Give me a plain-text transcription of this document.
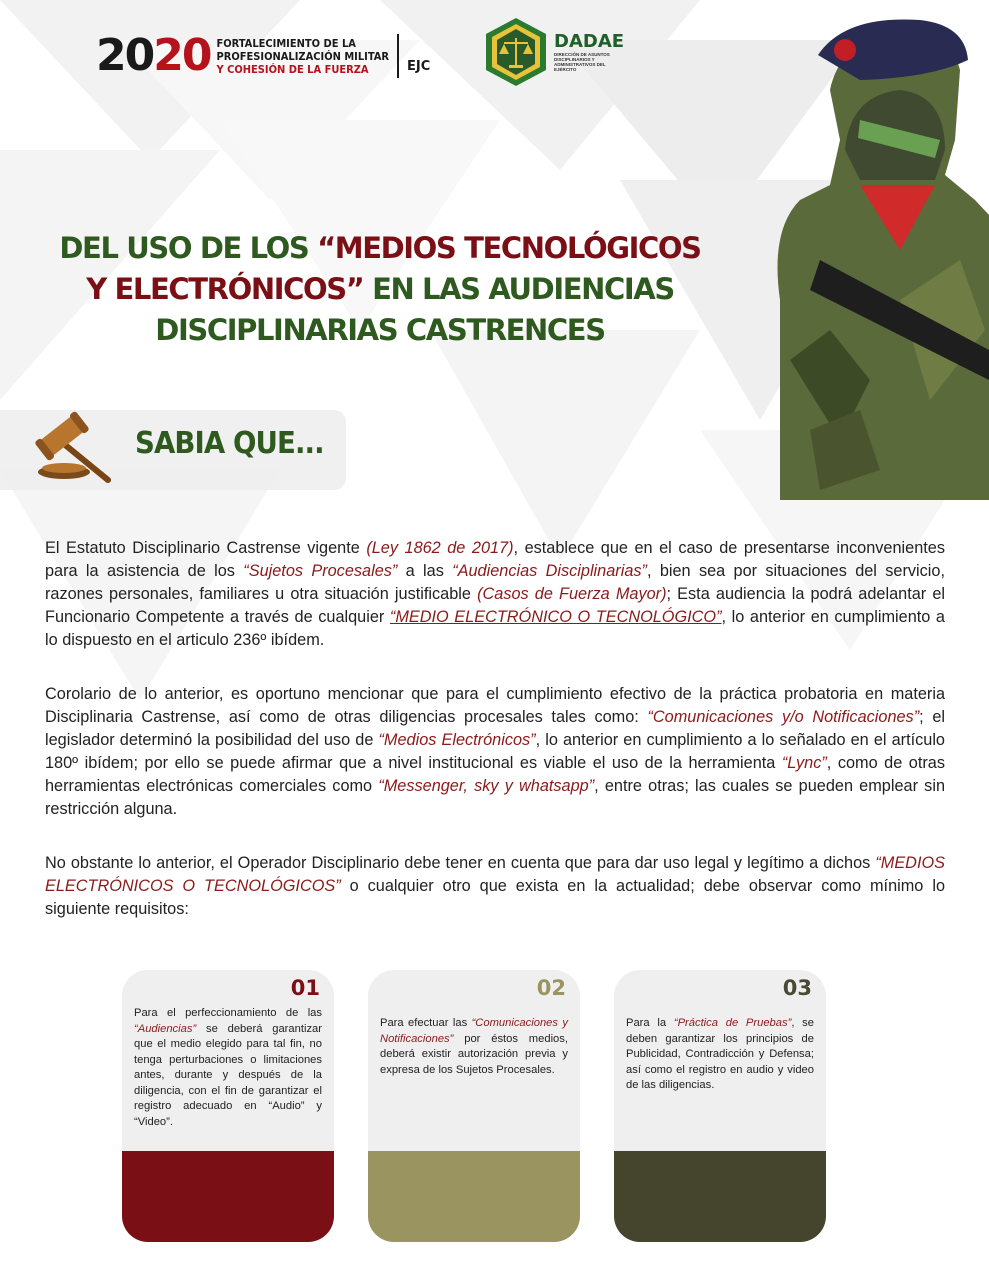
2020 FORTALECIMIENTO DE LA
PROFESIONALIZACIÓN MILITAR
Y COHESIÓN DE LA FUERZA	EJC
DADAE
DIRECCIÓN DE ASUNTOS DISCIPLINARIOS Y ADMINISTRATIVOS DEL EJÉRCITO
DEL USO DE LOS “MEDIOS TECNOLÓGICOS
Y ELECTRÓNICOS” EN LAS AUDIENCIAS
DISCIPLINARIAS CASTRENCES
SABIA QUE...
El Estatuto Disciplinario Castrense vigente (Ley 1862 de 2017), establece que en el caso de presentarse inconvenientes para la asistencia de los “Sujetos Procesales” a las “Audiencias Disciplinarias”, bien sea por situaciones del servicio, razones personales, familiares u otra situación justificable (Casos de Fuerza Mayor); Esta audiencia la podrá adelantar el Funcionario Competente a través de cualquier “MEDIO ELECTRÓNICO O TECNOLÓGICO”, lo anterior en cumplimiento a lo dispuesto en el articulo 236º ibídem.
Corolario de lo anterior, es oportuno mencionar que para el cumplimiento efectivo de la práctica probatoria en materia Disciplinaria Castrense, así como de otras diligencias procesales tales como: “Comunicaciones y/o Notificaciones”; el legislador determinó la posibilidad del uso de “Medios Electrónicos”, lo anterior en cumplimiento a lo señalado en el artículo 180º ibídem; por ello se puede afirmar que a nivel institucional es viable el uso de la herramienta “Lync”, como de otras herramientas electrónicas comerciales como “Messenger, sky y whatsapp”, entre otras; las cuales se pueden emplear sin restricción alguna.
No obstante lo anterior, el Operador Disciplinario debe tener en cuenta que para dar uso legal y legítimo a dichos “MEDIOS ELECTRÓNICOS O TECNOLÓGICOS” o cualquier otro que exista en la actualidad; debe observar como mínimo lo siguiente requisitos:
01
Para el perfeccionamiento de las “Audiencias” se deberá garantizar que el medio elegido para tal fin, no tenga perturbaciones o limitaciones antes, durante y después de la diligencia, con el fin de garantizar el registro adecuado en “Audio” y “Video”.
02
Para efectuar las “Comunicaciones y Notificaciones” por éstos medios, deberá existir autorización previa y expresa de los Sujetos Procesales.
03
Para la “Práctica de Pruebas”, se deben garantizar los principios de Publicidad, Contradicción y Defensa; así como el registro en audio y video de las diligencias.
